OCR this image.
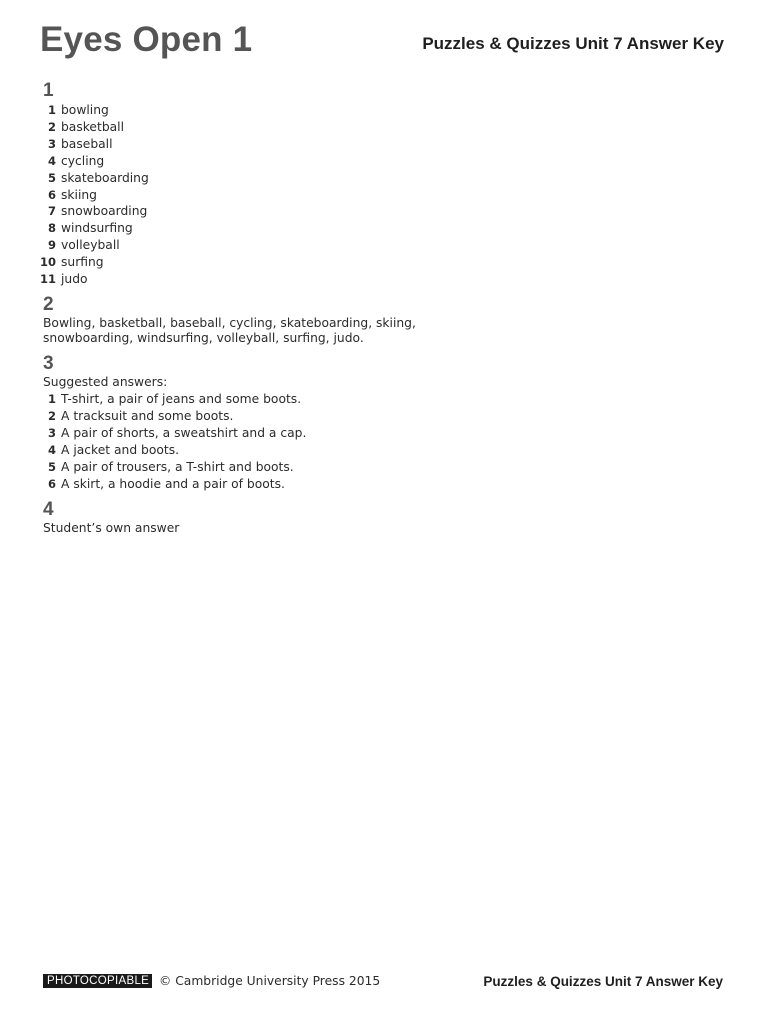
Eyes Open 1	Puzzles & Quizzes Unit 7 Answer Key
1
1 bowling
2 basketball
3 baseball
4 cycling
5 skateboarding
6 skiing
7 snowboarding
8 windsurfing
9 volleyball
10 surfing
11 judo
2
Bowling, basketball, baseball, cycling, skateboarding, skiing,
snowboarding, windsurfing, volleyball, surfing, judo.
3
Suggested answers:
1 T-shirt, a pair of jeans and some boots.
2 A tracksuit and some boots.
3 A pair of shorts, a sweatshirt and a cap.
4 A jacket and boots.
5 A pair of trousers, a T-shirt and boots.
6 A skirt, a hoodie and a pair of boots.
4
Student’s own answer
PHOTOCOPIABLE © Cambridge University Press 2015	Puzzles & Quizzes Unit 7 Answer Key
